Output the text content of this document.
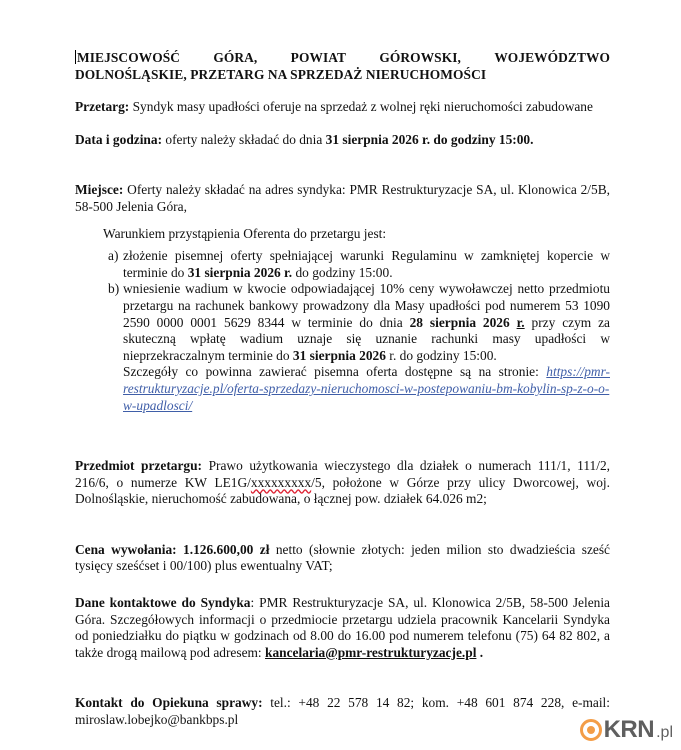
MIEJSCOWOŚĆ GÓRA, POWIAT GÓROWSKI, WOJEWÓDZTWO
DOLNOŚLĄSKIE, PRZETARG NA SPRZEDAŻ NIERUCHOMOŚCI

Przetarg: Syndyk masy upadłości oferuje na sprzedaż z wolnej ręki nieruchomości zabudowane

Data i godzina: oferty należy składać do dnia 31 sierpnia 2026 r. do godziny 15:00.

Miejsce: Oferty należy składać na adres syndyka: PMR Restrukturyzacje SA, ul. Klonowica 2/5B, 58-500 Jelenia Góra,

Warunkiem przystąpienia Oferenta do przetargu jest:

a) złożenie pisemnej oferty spełniającej warunki Regulaminu w zamkniętej kopercie w terminie do 31 sierpnia 2026 r. do godziny 15:00.
b) wniesienie wadium w kwocie odpowiadającej 10% ceny wywoławczej netto przedmiotu przetargu na rachunek bankowy prowadzony dla Masy upadłości pod numerem 53 1090 2590 0000 0001 5629 8344 w terminie do dnia 28 sierpnia 2026 r. przy czym za skuteczną wpłatę wadium uznaje się uznanie rachunki masy upadłości w nieprzekraczalnym terminie do 31 sierpnia 2026 r. do godziny 15:00.
Szczegóły co powinna zawierać pisemna oferta dostępne są na stronie: https://pmr-restrukturyzacje.pl/oferta-sprzedazy-nieruchomosci-w-postepowaniu-bm-kobylin-sp-z-o-o-w-upadlosci/

Przedmiot przetargu: Prawo użytkowania wieczystego dla działek o numerach 111/1, 111/2, 216/6, o numerze KW LE1G/xxxxxxxxx/5, położone w Górze przy ulicy Dworcowej, woj. Dolnośląskie, nieruchomość zabudowana, o łącznej pow. działek 64.026 m2;

Cena wywołania: 1.126.600,00 zł netto (słownie złotych: jeden milion sto dwadzieścia sześć tysięcy sześćset i 00/100) plus ewentualny VAT;

Dane kontaktowe do Syndyka: PMR Restrukturyzacje SA, ul. Klonowica 2/5B, 58-500 Jelenia Góra. Szczegółowych informacji o przedmiocie przetargu udziela pracownik Kancelarii Syndyka od poniedziałku do piątku w godzinach od 8.00 do 16.00 pod numerem telefonu (75) 64 82 802, a także drogą mailową pod adresem: kancelaria@pmr-restrukturyzacje.pl .

Kontakt do Opiekuna sprawy: tel.: +48 22 578 14 82; kom. +48 601 874 228, e-mail: miroslaw.lobejko@bankbps.pl	KRN .pl
